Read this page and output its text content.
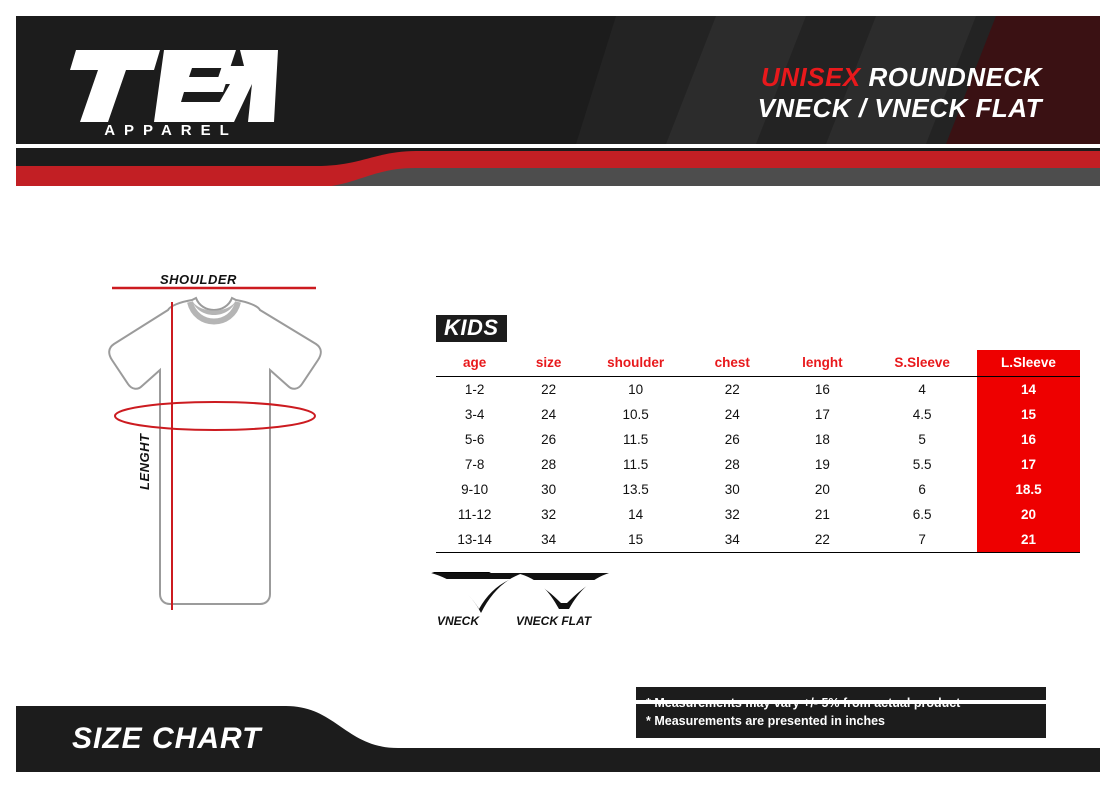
APPAREL
UNISEX ROUNDNECK
VNECK / VNECK FLAT
SHOULDER
LENGHT
VNECK	VNECK FLAT
KIDS
age	size	shoulder	chest	lenght	S.Sleeve	L.Sleeve
1-2	22	10	22	16	4	14
3-4	24	10.5	24	17	4.5	15
5-6	26	11.5	26	18	5	16
7-8	28	11.5	28	19	5.5	17
9-10	30	13.5	30	20	6	18.5
11-12	32	14	32	21	6.5	20
13-14	34	15	34	22	7	21
* Measurements are presented in inches
SIZE CHART
